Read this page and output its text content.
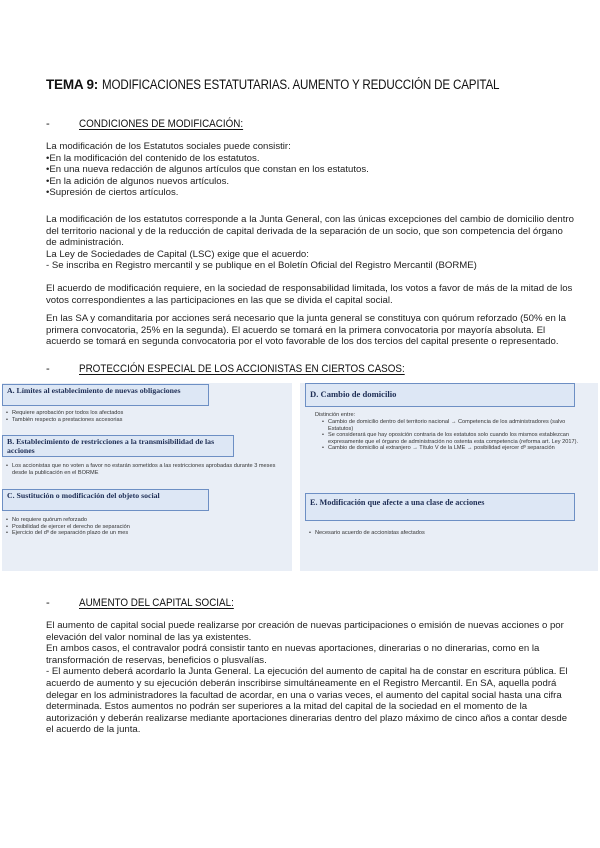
TEMA 9: MODIFICACIONES ESTATUTARIAS. AUMENTO Y REDUCCIÓN DE CAPITAL
-	CONDICIONES DE MODIFICACIÓN:

La modificación de los Estatutos sociales puede consistir:

•En la modificación del contenido de los estatutos.

•En una nueva redacción de algunos artículos que constan en los estatutos.

•En la adición de algunos nuevos artículos.

•Supresión de ciertos artículos.

La modificación de los estatutos corresponde a la Junta General, con las únicas excepciones del cambio de domicilio dentro del territorio nacional y de la reducción de capital derivada de la separación de un socio, que son competencia del órgano de administración.

La Ley de Sociedades de Capital (LSC) exige que el acuerdo:

- Se inscriba en Registro mercantil y se publique en el Boletín Oficial del Registro Mercantil (BORME)

El acuerdo de modificación requiere, en la sociedad de responsabilidad limitada, los votos a favor de más de la mitad de los votos correspondientes a las participaciones en las que se divida el capital social.

En las SA y comanditaria por acciones será necesario que la junta general se constituya con quórum reforzado (50% en la primera convocatoria, 25% en la segunda). El acuerdo se tomará en la primera convocatoria por mayoría absoluta. El acuerdo se tomará en segunda convocatoria por el voto favorable de los dos tercios del capital presente o representado.

-	PROTECCIÓN ESPECIAL DE LOS ACCIONISTAS EN CIERTOS CASOS:
A. Límites al establecimiento de nuevas obligaciones
• Requiere aprobación por todos los afectados
• También respecto a prestaciones accesorias
B. Establecimiento de restricciones a la transmisibilidad de las acciones
• Los accionistas que no voten a favor no estarán sometidos a las restricciones aprobadas durante 3 meses desde la publicación en el BORME
C. Sustitución o modificación del objeto social
• No requiere quórum reforzado
• Posibilidad de ejercer el derecho de separación
• Ejercicio del dº de separación plazo de un mes
D. Cambio de domicilio
Distinción entre:
• Cambio de domicilio dentro del territorio nacional → Competencia de los administradores (salvo Estatutos)
• Se considerará que hay oposición contraria de los estatutos solo cuando los mismos establezcan expresamente que el órgano de administración no ostenta esta competencia (reforma art. Ley 2017).
• Cambio de domicilio al extranjero → Título V de la LME → posibilidad ejercer dº separación
E. Modificación que afecte a una clase de acciones
• Necesario acuerdo de accionistas afectados
-	AUMENTO DEL CAPITAL SOCIAL:

El aumento de capital social puede realizarse por creación de nuevas participaciones o emisión de nuevas acciones o por elevación del valor nominal de las ya existentes.

En ambos casos, el contravalor podrá consistir tanto en nuevas aportaciones, dinerarias o no dinerarias, como en la transformación de reservas, beneficios o plusvalías.

- El aumento deberá acordarlo la Junta General. La ejecución del aumento de capital ha de constar en escritura pública. El acuerdo de aumento y su ejecución deberán inscribirse simultáneamente en el Registro Mercantil. En SA, aquella podrá delegar en los administradores la facultad de acordar, en una o varias veces, el aumento del capital social hasta una cifra determinada. Estos aumentos no podrán ser superiores a la mitad del capital de la sociedad en el momento de la autorización y deberán realizarse mediante aportaciones dinerarias dentro del plazo máximo de cinco años a contar desde el acuerdo de la junta.
